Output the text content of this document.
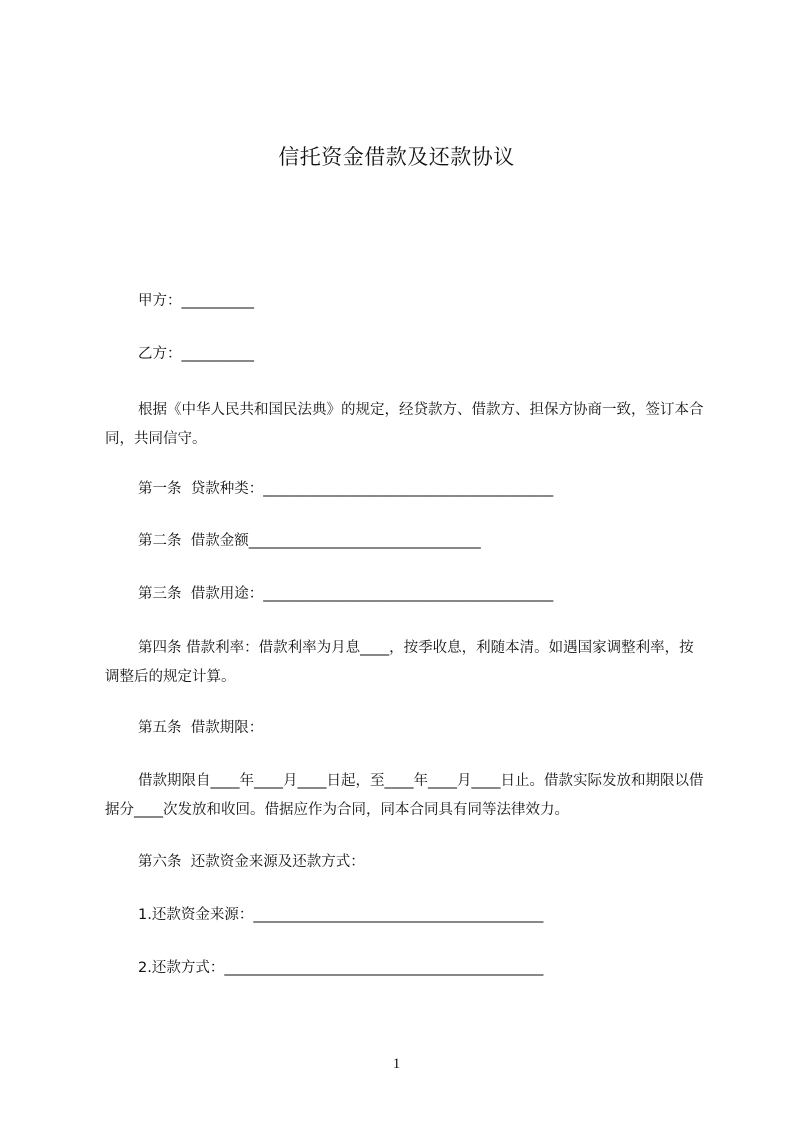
信托资金借款及还款协议
甲方：__________
乙方：__________
根据《中华人民共和国民法典》的规定，经贷款方、借款方、担保方协商一致，签订本合同，共同信守。
第一条  贷款种类：________________________________________
第二条  借款金额________________________________
第三条  借款用途：________________________________________
第四条 借款利率：借款利率为月息____，按季收息，利随本清。如遇国家调整利率，按调整后的规定计算。
第五条  借款期限：
借款期限自____年____月____日起，至____年____月____日止。借款实际发放和期限以借据分____次发放和收回。借据应作为合同，同本合同具有同等法律效力。
第六条  还款资金来源及还款方式：
1.还款资金来源：________________________________________
2.还款方式：____________________________________________
1
